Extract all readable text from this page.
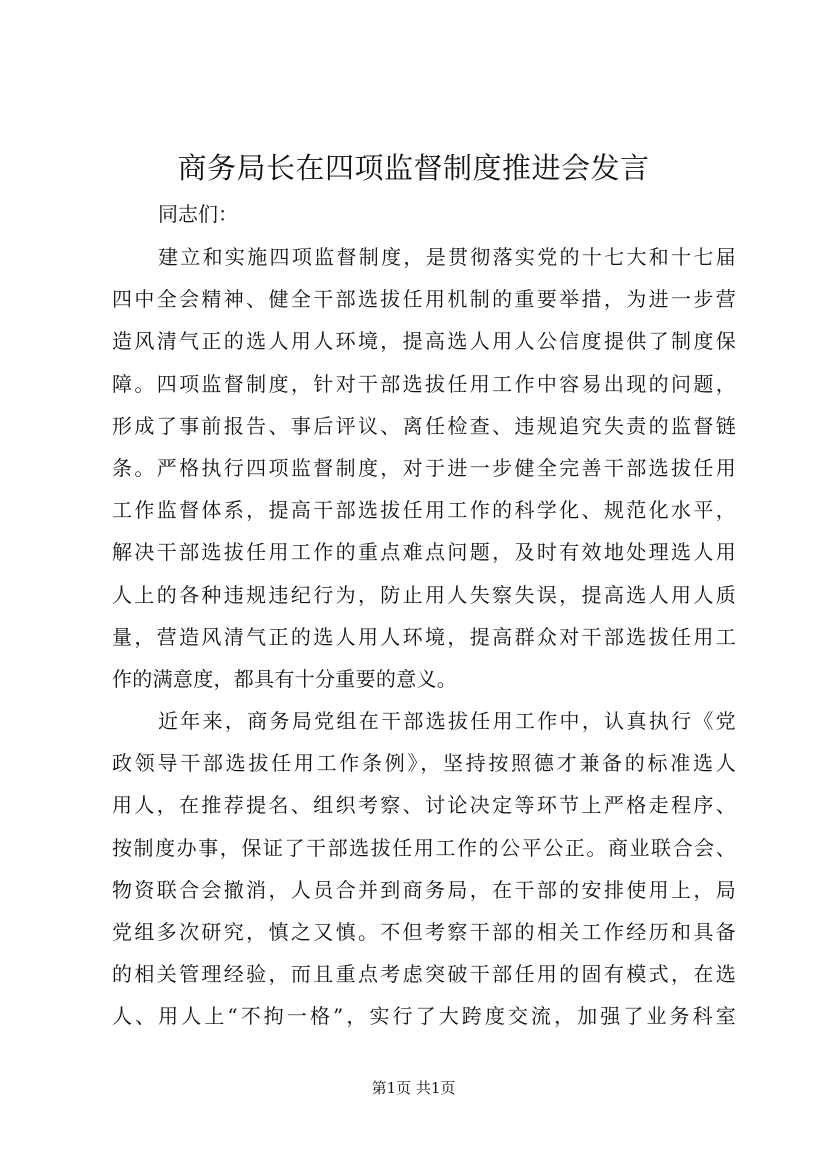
商务局长在四项监督制度推进会发言

同志们：

建立和实施四项监督制度，是贯彻落实党的十七大和十七届
四中全会精神、健全干部选拔任用机制的重要举措，为进一步营
造风清气正的选人用人环境，提高选人用人公信度提供了制度保
障。四项监督制度，针对干部选拔任用工作中容易出现的问题，
形成了事前报告、事后评议、离任检查、违规追究失责的监督链
条。严格执行四项监督制度，对于进一步健全完善干部选拔任用
工作监督体系，提高干部选拔任用工作的科学化、规范化水平，
解决干部选拔任用工作的重点难点问题，及时有效地处理选人用
人上的各种违规违纪行为，防止用人失察失误，提高选人用人质
量，营造风清气正的选人用人环境，提高群众对干部选拔任用工
作的满意度，都具有十分重要的意义。
近年来，商务局党组在干部选拔任用工作中，认真执行《党
政领导干部选拔任用工作条例》，坚持按照德才兼备的标准选人
用人，在推荐提名、组织考察、讨论决定等环节上严格走程序、
按制度办事，保证了干部选拔任用工作的公平公正。商业联合会、
物资联合会撤消，人员合并到商务局，在干部的安排使用上，局
党组多次研究，慎之又慎。不但考察干部的相关工作经历和具备
的相关管理经验，而且重点考虑突破干部任用的固有模式，在选
人、用人上“不拘一格”，实行了大跨度交流，加强了业务科室

第1页 共1页
